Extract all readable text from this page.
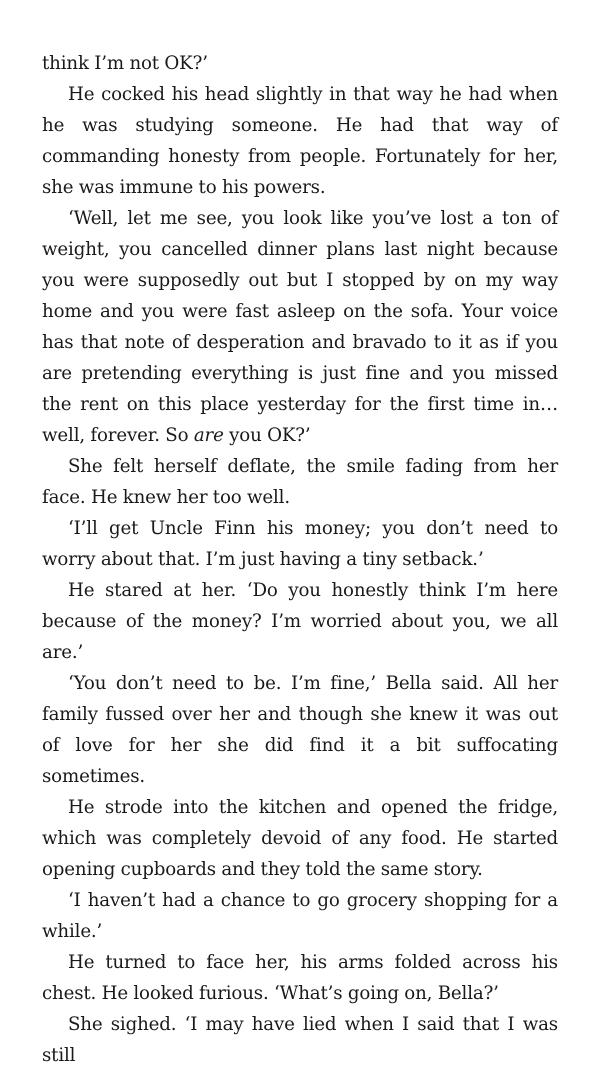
think I’m not OK?’

He cocked his head slightly in that way he had when he was studying someone. He had that way of commanding honesty from people. Fortunately for her, she was immune to his powers.

‘Well, let me see, you look like you’ve lost a ton of weight, you cancelled dinner plans last night because you were supposedly out but I stopped by on my way home and you were fast asleep on the sofa. Your voice has that note of desperation and bravado to it as if you are pretending everything is just fine and you missed the rent on this place yesterday for the first time in… well, forever. So are you OK?’

She felt herself deflate, the smile fading from her face. He knew her too well.

‘I’ll get Uncle Finn his money; you don’t need to worry about that. I’m just having a tiny setback.’

He stared at her. ‘Do you honestly think I’m here because of the money? I’m worried about you, we all are.’

‘You don’t need to be. I’m fine,’ Bella said. All her family fussed over her and though she knew it was out of love for her she did find it a bit suffocating sometimes.

He strode into the kitchen and opened the fridge, which was completely devoid of any food. He started opening cupboards and they told the same story.

‘I haven’t had a chance to go grocery shopping for a while.’

He turned to face her, his arms folded across his chest. He looked furious. ‘What’s going on, Bella?’

She sighed. ‘I may have lied when I said that I was still
